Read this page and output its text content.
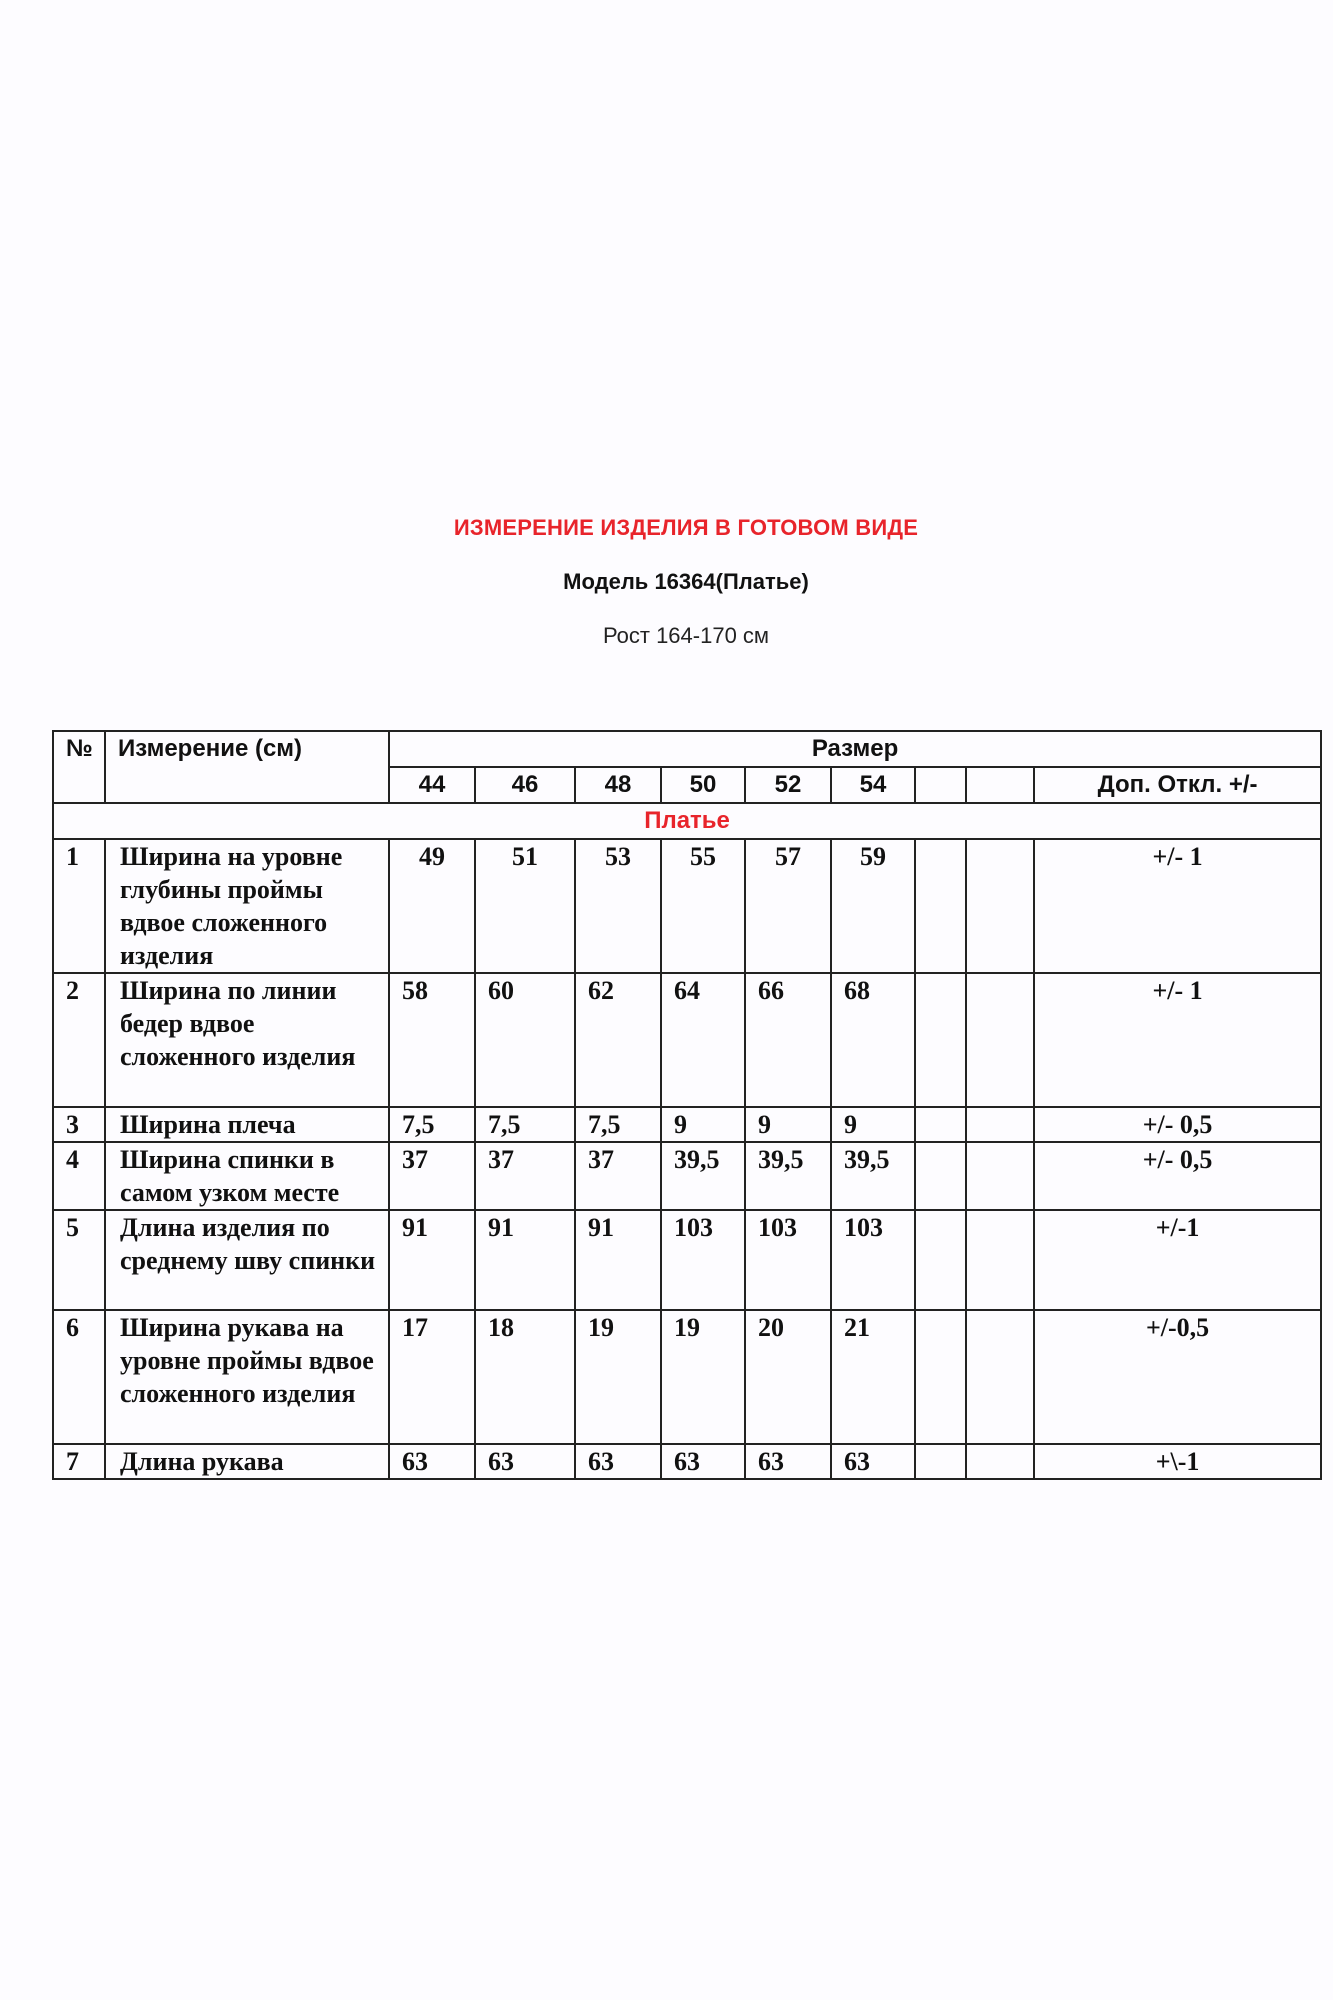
ИЗМЕРЕНИЕ ИЗДЕЛИЯ В ГОТОВОМ ВИДЕ
Модель 16364(Платье)
Рост 164-170 см
№	Измерение (см)	Размер								
		44	46	48	50	52	54			Доп. Откл. +/-
Платье										
1	Ширина на уровне глубины проймы вдвое сложенного изделия	49	51	53	55	57	59			+/- 1
2	Ширина по линии бедер вдвое сложенного изделия	58	60	62	64	66	68			+/- 1
3	Ширина плеча	7,5	7,5	7,5	9	9	9			+/- 0,5
4	Ширина спинки в самом узком месте	37	37	37	39,5	39,5	39,5			+/- 0,5
5	Длина изделия по среднему шву спинки	91	91	91	103	103	103			+/-1
6	Ширина рукава на уровне проймы вдвое сложенного изделия	17	18	19	19	20	21			+/-0,5
7	Длина рукава	63	63	63	63	63	63			+\-1
